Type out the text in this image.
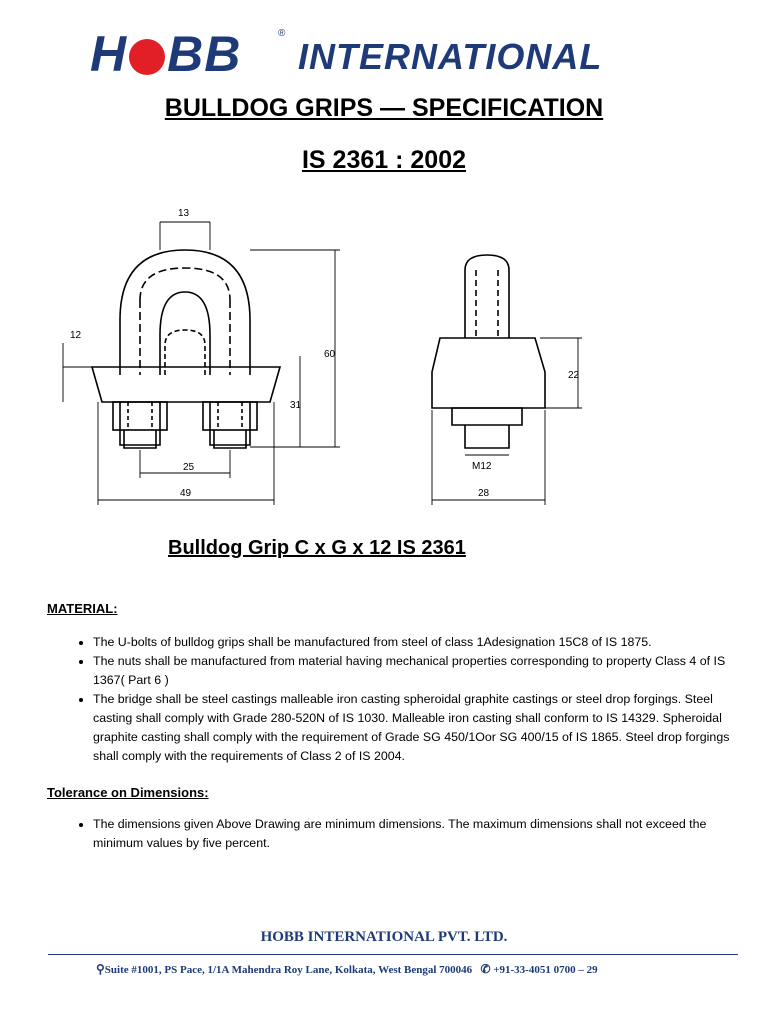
H BB	®
INTERNATIONAL
BULLDOG GRIPS — SPECIFICATION
IS 2361 : 2002
13
12
60
31
25
49
22
M12
28
Bulldog Grip C x G x 12 IS 2361
MATERIAL:
• The U-bolts of bulldog grips shall be manufactured from steel of class 1Adesignation 15C8 of IS 1875.
• The nuts shall be manufactured from material having mechanical properties corresponding to property Class 4 of IS 1367( Part 6 )
• The bridge shall be steel castings malleable iron casting spheroidal graphite castings or steel drop forgings. Steel casting shall comply with Grade 280-520N of IS 1030. Malleable iron casting shall conform to IS 14329. Spheroidal graphite casting shall comply with the requirement of Grade SG 450/1Oor SG 400/15 of IS 1865. Steel drop forgings shall comply with the requirements of Class 2 of IS 2004.
Tolerance on Dimensions:
• The dimensions given Above Drawing are minimum dimensions. The maximum dimensions shall not exceed the minimum values by five percent.
HOBB INTERNATIONAL PVT. LTD.
⚲Suite #1001, PS Pace, 1/1A Mahendra Roy Lane, Kolkata, West Bengal 700046 ✆ +91-33-4051 0700 – 29
